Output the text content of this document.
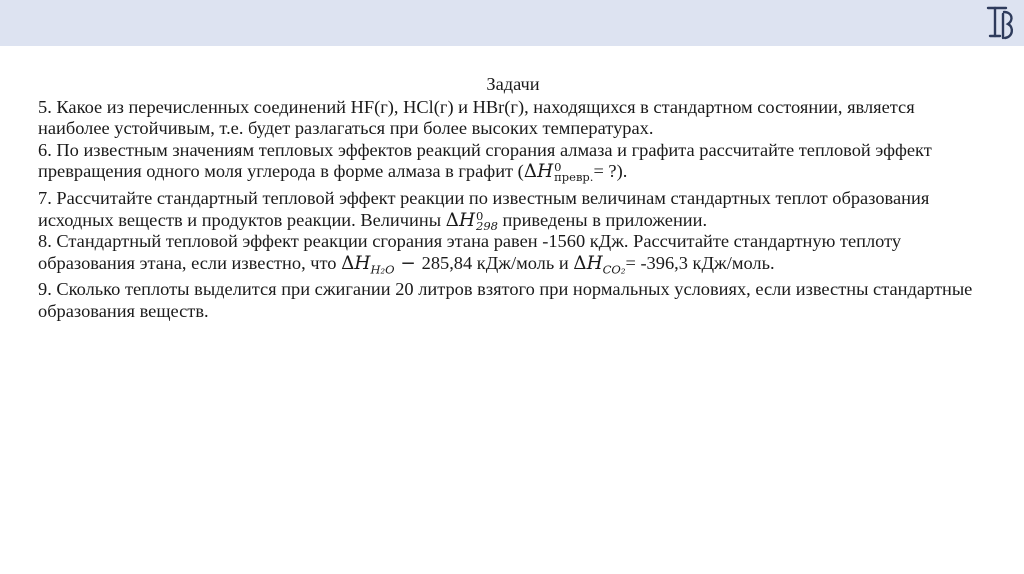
Задачи

5. Какое из перечисленных соединений HF(г), HCl(г) и HBr(г), находящихся в стандартном состоянии, является наиболее устойчивым, т.е. будет разлагаться при более высоких температурах.

6. По известным значениям тепловых эффектов реакций сгорания алмаза и графита рассчитайте тепловой эффект превращения одного моля углерода в форме алмаза в графит (ΔH 0
превр. = ?).

7. Рассчитайте стандартный тепловой эффект реакции по известным величинам стандартных теплот образования исходных веществ и продуктов реакции. Величины ΔH 0
298 приведены в приложении.

8. Стандартный тепловой эффект реакции сгорания этана равен -1560 кДж. Рассчитайте стандартную теплоту образования этана, если известно, что $\Delta H_{H_2O} - 285,84$ кДж/моль и $\Delta H_{CO_2}= -396,3$ кДж/моль.

9. Сколько теплоты выделится при сжигании 20 литров взятого при нормальных условиях, если известны стандартные образования веществ.
